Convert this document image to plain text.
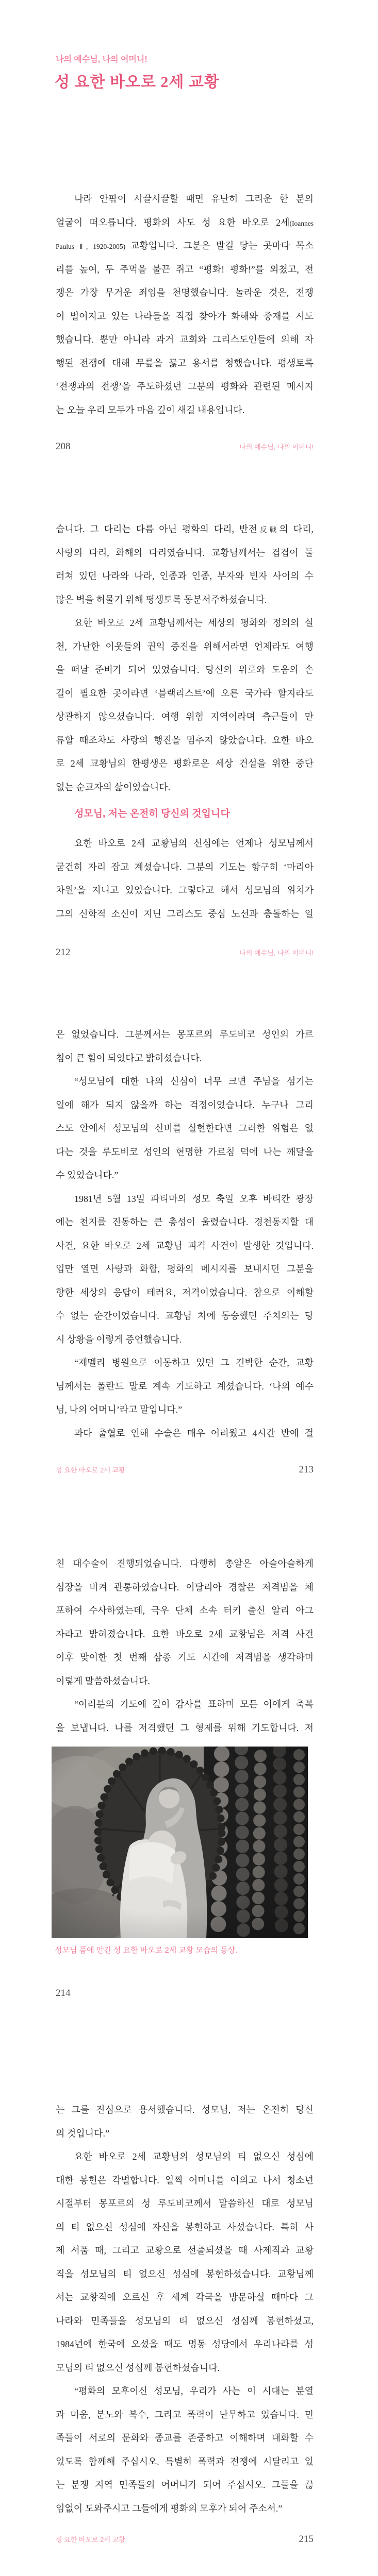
나의 예수님, 나의 어머니!
성 요한 바오로 2세 교황
나라 안팎이 시끌시끌할 때면 유난히 그리운 한 분의
얼굴이 떠오릅니다. 평화의 사도 성 요한 바오로 2세(Ioannes
Paulus Ⅱ, 1920-2005) 교황입니다. 그분은 발길 닿는 곳마다 목소
리를 높여, 두 주먹을 불끈 쥐고 “평화! 평화!”를 외쳤고, 전
쟁은 가장 무거운 죄임을 천명했습니다. 놀라운 것은, 전쟁
이 벌어지고 있는 나라들을 직접 찾아가 화해와 중재를 시도
했습니다. 뿐만 아니라 과거 교회와 그리스도인들에 의해 자
행된 전쟁에 대해 무릎을 꿇고 용서를 청했습니다. 평생토록
‘전쟁과의 전쟁’을 주도하셨던 그분의 평화와 관련된 메시지
는 오늘 우리 모두가 마음 깊이 새길 내용입니다.
208	나의 예수님, 나의 어머니!
습니다. 그 다리는 다름 아닌 평화의 다리, 반전反戰의 다리,
사랑의 다리, 화해의 다리였습니다. 교황님께서는 겹겹이 둘
러쳐 있던 나라와 나라, 인종과 인종, 부자와 빈자 사이의 수
많은 벽을 허물기 위해 평생토록 동분서주하셨습니다.
요한 바오로 2세 교황님께서는 세상의 평화와 정의의 실
천, 가난한 이웃들의 권익 증진을 위해서라면 언제라도 여행
을 떠날 준비가 되어 있었습니다. 당신의 위로와 도움의 손
길이 필요한 곳이라면 ‘블랙리스트’에 오른 국가라 할지라도
상관하지 않으셨습니다. 여행 위험 지역이라며 측근들이 만
류할 때조차도 사랑의 행진을 멈추지 않았습니다. 요한 바오
로 2세 교황님의 한평생은 평화로운 세상 건설을 위한 중단
없는 순교자의 삶이었습니다.
요한 바오로 2세 교황님의 신심에는 언제나 성모님께서
굳건히 자리 잡고 계셨습니다. 그분의 기도는 항구히 ‘마리아
차원’을 지니고 있었습니다. 그렇다고 해서 성모님의 위치가
그의 신학적 소신이 지닌 그리스도 중심 노선과 충돌하는 일
성모님, 저는 온전히 당신의 것입니다
212	나의 예수님, 나의 어머니!
은 없었습니다. 그분께서는 몽포르의 루도비코 성인의 가르
침이 큰 힘이 되었다고 밝히셨습니다.
“성모님에 대한 나의 신심이 너무 크면 주님을 섬기는
일에 해가 되지 않을까 하는 걱정이었습니다. 누구나 그리
스도 안에서 성모님의 신비를 실현한다면 그러한 위험은 없
다는 것을 루도비코 성인의 현명한 가르침 덕에 나는 깨달을
수 있었습니다.”
1981년 5월 13일 파티마의 성모 축일 오후 바티칸 광장
에는 천지를 진동하는 큰 총성이 울렸습니다. 경천동지할 대
사건, 요한 바오로 2세 교황님 피격 사건이 발생한 것입니다.
입만 열면 사랑과 화합, 평화의 메시지를 보내시던 그분을
향한 세상의 응답이 테러요, 저격이었습니다. 참으로 이해할
수 없는 순간이었습니다. 교황님 차에 동승했던 주치의는 당
시 상황을 이렇게 증언했습니다.
“제멜리 병원으로 이동하고 있던 그 긴박한 순간, 교황
님께서는 폴란드 말로 계속 기도하고 계셨습니다. ‘나의 예수
님, 나의 어머니’라고 말입니다.”
과다 출혈로 인해 수술은 매우 어려웠고 4시간 반에 걸
성 요한 바오로 2세 교황	213
친 대수술이 진행되었습니다. 다행히 총알은 아슬아슬하게
심장을 비켜 관통하였습니다. 이탈리아 경찰은 저격범을 체
포하여 수사하였는데, 극우 단체 소속 터키 출신 알리 아그
자라고 밝혀졌습니다. 요한 바오로 2세 교황님은 저격 사건
이후 맞이한 첫 번째 삼종 기도 시간에 저격범을 생각하며
이렇게 말씀하셨습니다.
“여러분의 기도에 깊이 감사를 표하며 모든 이에게 축복
을 보냅니다. 나를 저격했던 그 형제를 위해 기도합니다. 저
성모님 품에 안긴 성 요한 바오로 2세 교황 모습의 동상.
214
는 그를 진심으로 용서했습니다. 성모님, 저는 온전히 당신
의 것입니다.”
요한 바오로 2세 교황님의 성모님의 티 없으신 성심에
대한 봉헌은 각별합니다. 일찍 어머니를 여의고 나서 청소년
시절부터 몽포르의 성 루도비코께서 말씀하신 대로 성모님
의 티 없으신 성심에 자신을 봉헌하고 사셨습니다. 특히 사
제 서품 때, 그리고 교황으로 선출되셨을 때 사제직과 교황
직을 성모님의 티 없으신 성심에 봉헌하셨습니다. 교황님께
서는 교황직에 오르신 후 세계 각국을 방문하실 때마다 그
나라와 민족들을 성모님의 티 없으신 성심께 봉헌하셨고,
1984년에 한국에 오셨을 때도 명동 성당에서 우리나라를 성
모님의 티 없으신 성심께 봉헌하셨습니다.
“평화의 모후이신 성모님, 우리가 사는 이 시대는 분열
과 미움, 분노와 복수, 그리고 폭력이 난무하고 있습니다. 민
족들이 서로의 문화와 종교를 존중하고 이해하며 대화할 수
있도록 함께해 주십시오. 특별히 폭력과 전쟁에 시달리고 있
는 분쟁 지역 민족들의 어머니가 되어 주십시오. 그들을 끊
임없이 도와주시고 그들에게 평화의 모후가 되어 주소서.”
성 요한 바오로 2세 교황	215
